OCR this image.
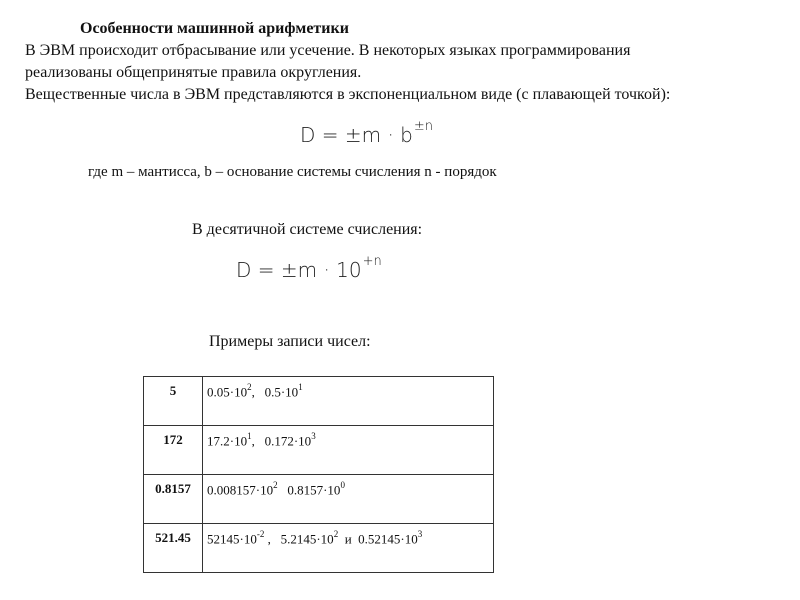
Особенности машинной арифметики
В ЭВМ происходит отбрасывание или усечение. В некоторых языках программирования
реализованы общепринятые правила округления.
Вещественные числа в ЭВМ представляются в экспоненциальном виде (с плавающей точкой):
$D = \pm m \cdot b^{\pm n}$
где m – мантисса, b – основание системы счисления n - порядок
В десятичной системе счисления:
$D = \pm m \cdot 10^{+n}$
Примеры записи чисел:
5	$0.05\cdot 10^2$,   $0.5\cdot 10^1$
172	$17.2\cdot 10^1$,   $0.172\cdot 10^3$
0.8157	$0.008157\cdot 10^2$ $0.8157\cdot 10^0$
521.45	$52145\cdot 10^{-2}$ ,   $5.2145\cdot 10^2$  и  $0.52145\cdot 10^3$
